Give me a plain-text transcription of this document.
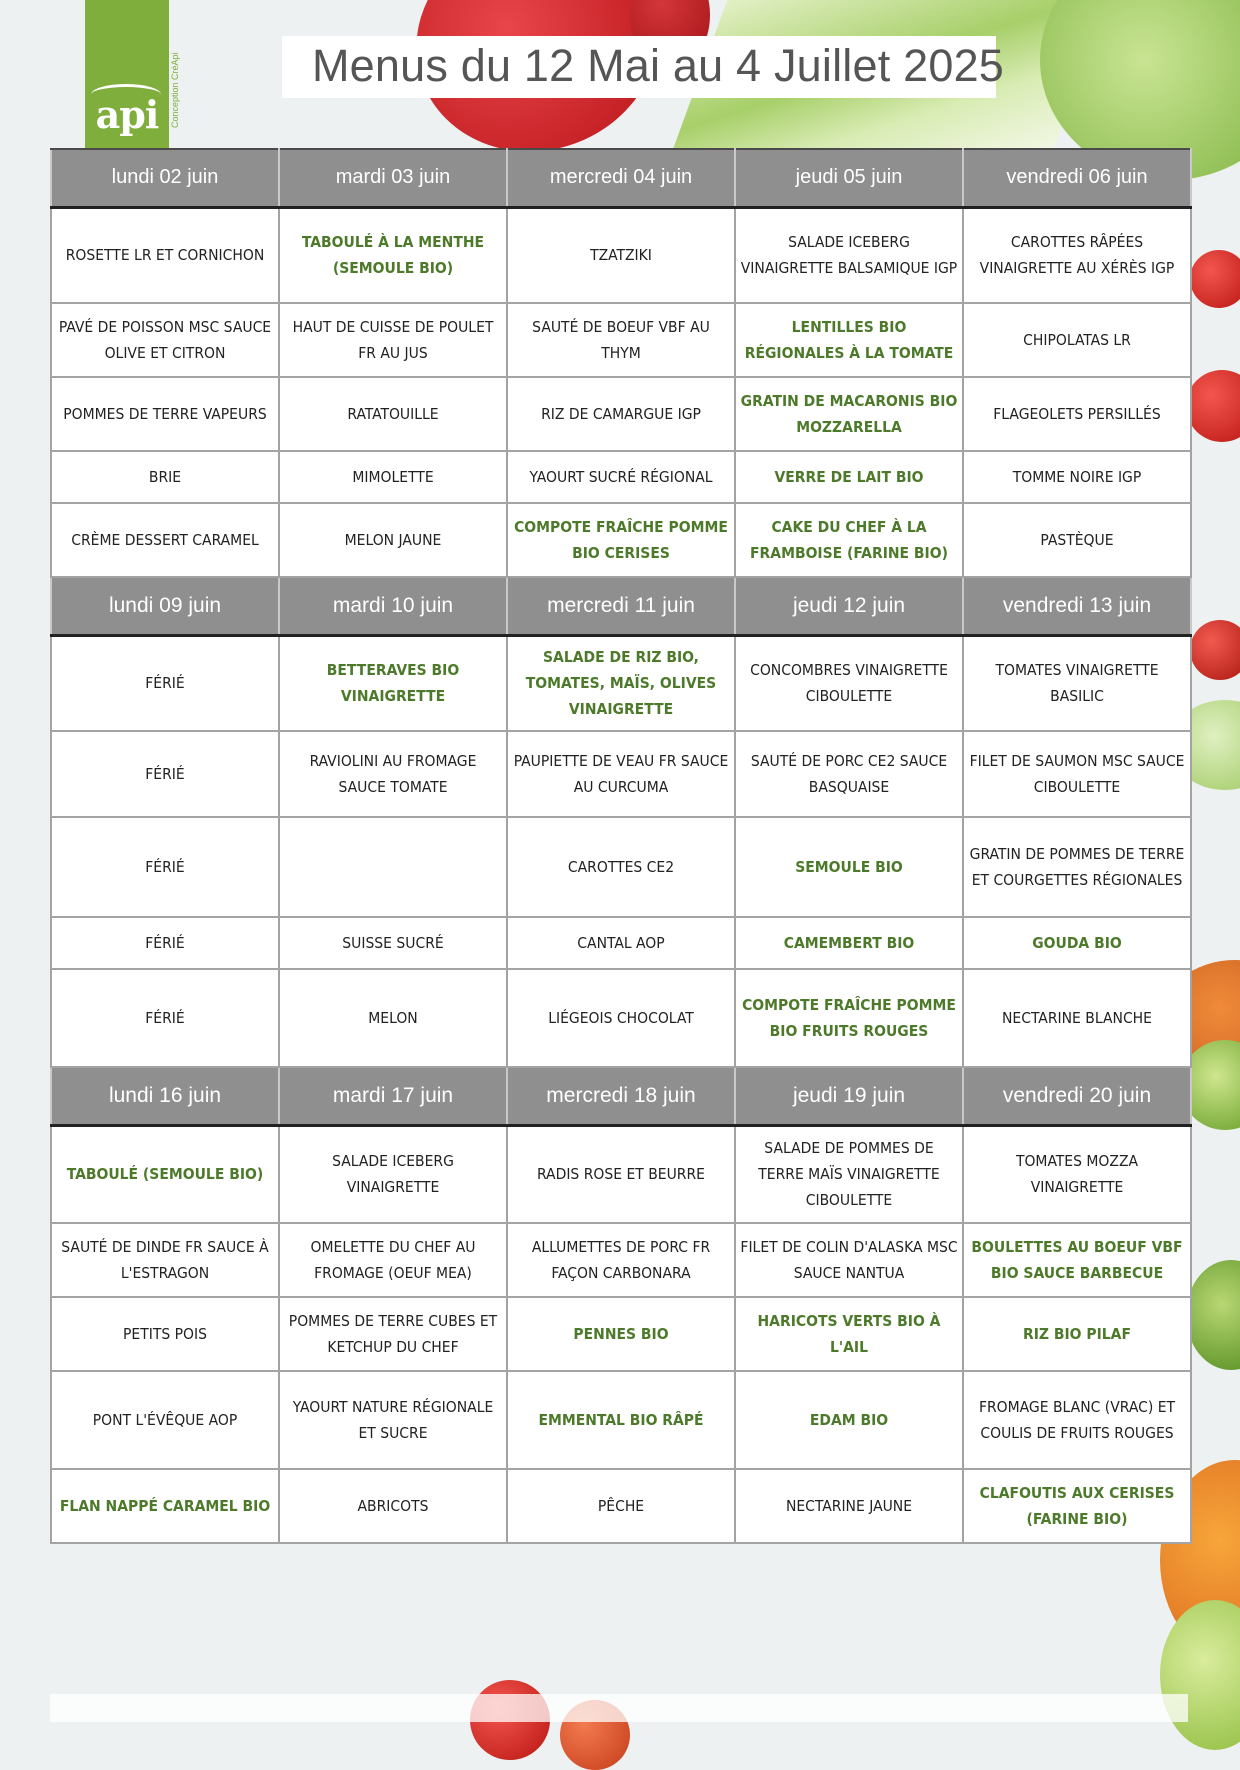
api	Conception CréApi	Menus du 12 Mai au 4 Juillet 2025
lundi 02 juin	mardi 03 juin	mercredi 04 juin	jeudi 05 juin	vendredi 06 juin
ROSETTE LR ET CORNICHON	TABOULÉ À LA MENTHE (SEMOULE BIO)	TZATZIKI	SALADE ICEBERG VINAIGRETTE BALSAMIQUE IGP	CAROTTES RÂPÉES VINAIGRETTE AU XÉRÈS IGP
PAVÉ DE POISSON MSC SAUCE OLIVE ET CITRON	HAUT DE CUISSE DE POULET FR AU JUS	SAUTÉ DE BOEUF VBF AU THYM	LENTILLES BIO RÉGIONALES À LA TOMATE	CHIPOLATAS LR
POMMES DE TERRE VAPEURS	RATATOUILLE	RIZ DE CAMARGUE IGP	GRATIN DE MACARONIS BIO MOZZARELLA	FLAGEOLETS PERSILLÉS
BRIE	MIMOLETTE	YAOURT SUCRÉ RÉGIONAL	VERRE DE LAIT BIO	TOMME NOIRE IGP
CRÈME DESSERT CARAMEL	MELON JAUNE	COMPOTE FRAÎCHE POMME BIO CERISES	CAKE DU CHEF À LA FRAMBOISE (FARINE BIO)	PASTÈQUE
lundi 09 juin	mardi 10 juin	mercredi 11 juin	jeudi 12 juin	vendredi 13 juin
FÉRIÉ	BETTERAVES BIO VINAIGRETTE	SALADE DE RIZ BIO, TOMATES, MAÏS, OLIVES VINAIGRETTE	CONCOMBRES VINAIGRETTE CIBOULETTE	TOMATES VINAIGRETTE BASILIC
FÉRIÉ	RAVIOLINI AU FROMAGE SAUCE TOMATE	PAUPIETTE DE VEAU FR SAUCE AU CURCUMA	SAUTÉ DE PORC CE2 SAUCE BASQUAISE	FILET DE SAUMON MSC SAUCE CIBOULETTE
FÉRIÉ		CAROTTES CE2	SEMOULE BIO	GRATIN DE POMMES DE TERRE ET COURGETTES RÉGIONALES
FÉRIÉ	SUISSE SUCRÉ	CANTAL AOP	CAMEMBERT BIO	GOUDA BIO
FÉRIÉ	MELON	LIÉGEOIS CHOCOLAT	COMPOTE FRAÎCHE POMME BIO FRUITS ROUGES	NECTARINE BLANCHE
lundi 16 juin	mardi 17 juin	mercredi 18 juin	jeudi 19 juin	vendredi 20 juin
TABOULÉ (SEMOULE BIO)	SALADE ICEBERG VINAIGRETTE	RADIS ROSE ET BEURRE	SALADE DE POMMES DE TERRE MAÏS VINAIGRETTE CIBOULETTE	TOMATES MOZZA VINAIGRETTE
SAUTÉ DE DINDE FR SAUCE À L'ESTRAGON	OMELETTE DU CHEF AU FROMAGE (OEUF MEA)	ALLUMETTES DE PORC FR FAÇON CARBONARA	FILET DE COLIN D'ALASKA MSC SAUCE NANTUA	BOULETTES AU BOEUF VBF BIO SAUCE BARBECUE
PETITS POIS	POMMES DE TERRE CUBES ET KETCHUP DU CHEF	PENNES BIO	HARICOTS VERTS BIO À L'AIL	RIZ BIO PILAF
PONT L'ÉVÊQUE AOP	YAOURT NATURE RÉGIONALE ET SUCRE	EMMENTAL BIO RÂPÉ	EDAM BIO	FROMAGE BLANC (VRAC) ET COULIS DE FRUITS ROUGES
FLAN NAPPÉ CARAMEL BIO	ABRICOTS	PÊCHE	NECTARINE JAUNE	CLAFOUTIS AUX CERISES (FARINE BIO)
